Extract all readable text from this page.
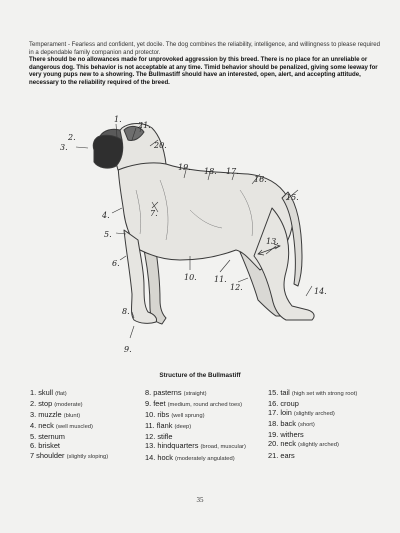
Temperament - Fearless and confident, yet docile. The dog combines the reliability, intelligence, and willingness to please required in a dependable family companion and protector.

There should be no allowances made for unprovoked aggression by this breed. There is no place for an unreliable or dangerous dog. This behavior is not acceptable at any time. Timid behavior should be penalized, giving some leeway for very young pups new to a showring. The Bullmastiff should have an interested, open, alert, and accepting attitude, necessary to the reliability required of the breed.

1.
2.
3.
4.
5.
6.
7.
8.
9.
10. 11.
12.
13.
14.
15.
16.
17.
18.
19.
20.
21.
Structure of the Bullmastiff
1. skull (flat)
2. stop (moderate)
3. muzzle (blunt)
4. neck (well muscled)
5. sternum
6. brisket
7 shoulder (slightly sloping)
8. pasterns (straight)
9. feet (medium, round arched toes)
10. ribs (well sprung)
11. flank (deep)
12. stifle
13. hindquarters (broad, muscular)
14. hock (moderately angulated)
15. tail (high set with strong root)
16. croup
17. loin (slightly arched)
18. back (short)
19. withers
20. neck (slightly arched)
21. ears
35
